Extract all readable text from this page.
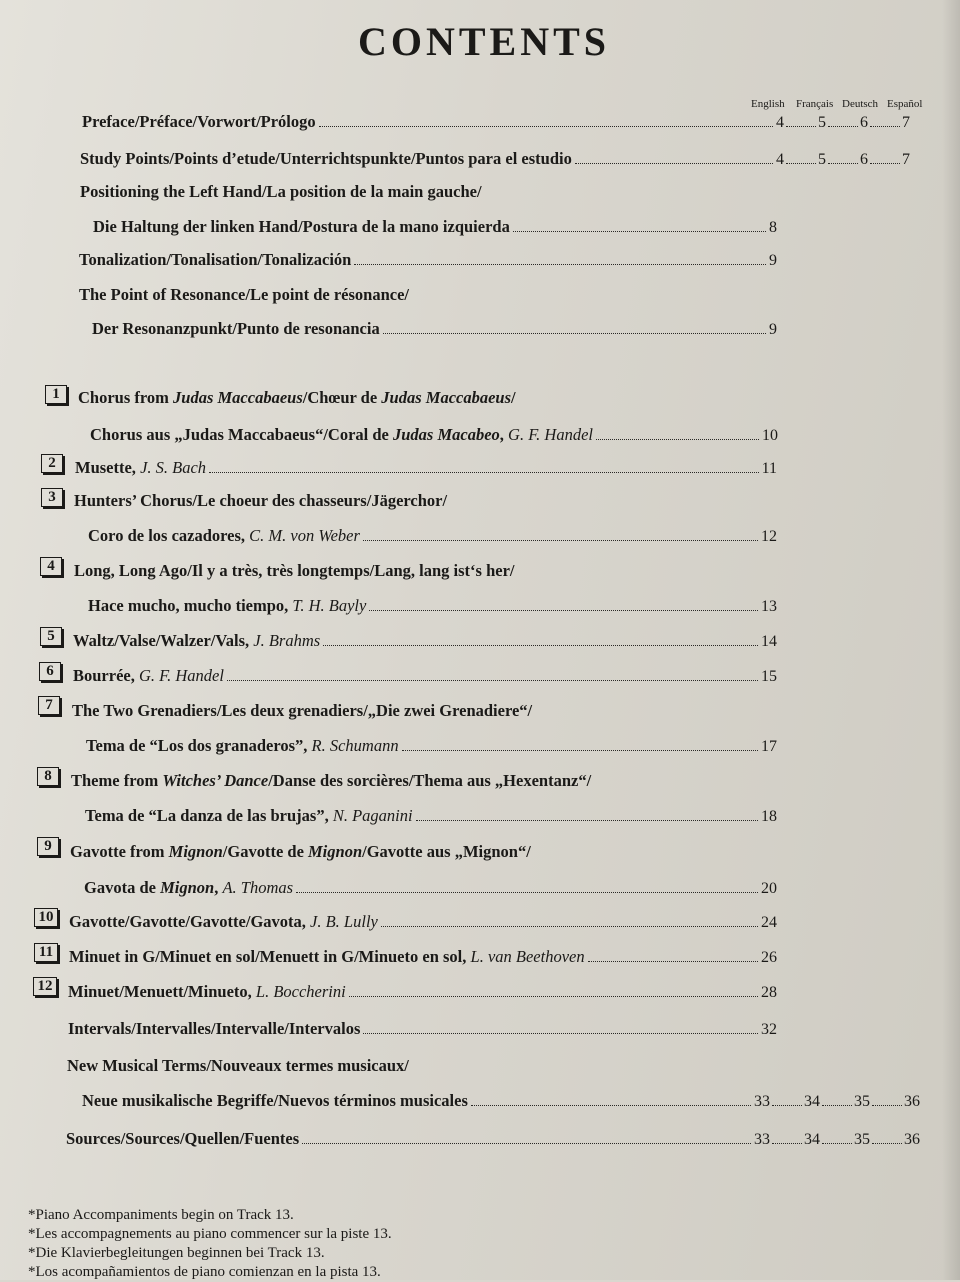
CONTENTS
English Français Deutsch Español
Preface/Préface/Vorwort/Prólogo	4 5 6 7
Study Points/Points d’etude/Unterrichtspunkte/Puntos para el estudio	4 5 6 7
Positioning the Left Hand/La position de la main gauche/
Die Haltung der linken Hand/Postura de la mano izquierda	8
Tonalization/Tonalisation/Tonalización	9
The Point of Resonance/Le point de résonance/
Der Resonanzpunkt/Punto de resonancia	9
1	Chorus from Judas Maccabaeus/Chœur de Judas Maccabaeus/
Chorus aus „Judas Maccabaeus“/Coral de Judas Macabeo, G. F. Handel	10
2	Musette, J. S. Bach	11
3	Hunters’ Chorus/Le choeur des chasseurs/Jägerchor/
Coro de los cazadores, C. M. von Weber	12
4	Long, Long Ago/Il y a très, très longtemps/Lang, lang ist‘s her/
Hace mucho, mucho tiempo, T. H. Bayly	13
5	Waltz/Valse/Walzer/Vals, J. Brahms	14
6	Bourrée, G. F. Handel	15
7	The Two Grenadiers/Les deux grenadiers/„Die zwei Grenadiere“/
Tema de “Los dos granaderos”, R. Schumann	17
8	Theme from Witches’ Dance/Danse des sorcières/Thema aus „Hexentanz“/
Tema de “La danza de las brujas”, N. Paganini	18
9	Gavotte from Mignon/Gavotte de Mignon/Gavotte aus „Mignon“/
Gavota de Mignon, A. Thomas	20
10 Gavotte/Gavotte/Gavotte/Gavota, J. B. Lully	24
11 Minuet in G/Minuet en sol/Menuett in G/Minueto en sol, L. van Beethoven	26
12 Minuet/Menuett/Minueto, L. Boccherini	28
Intervals/Intervalles/Intervalle/Intervalos	32
New Musical Terms/Nouveaux termes musicaux/
Neue musikalische Begriffe/Nuevos términos musicales	33 34 35 36
Sources/Sources/Quellen/Fuentes	33 34 35 36
*Piano Accompaniments begin on Track 13.
*Les accompagnements au piano commencer sur la piste 13.
*Die Klavierbegleitungen beginnen bei Track 13.
*Los acompañamientos de piano comienzan en la pista 13.
